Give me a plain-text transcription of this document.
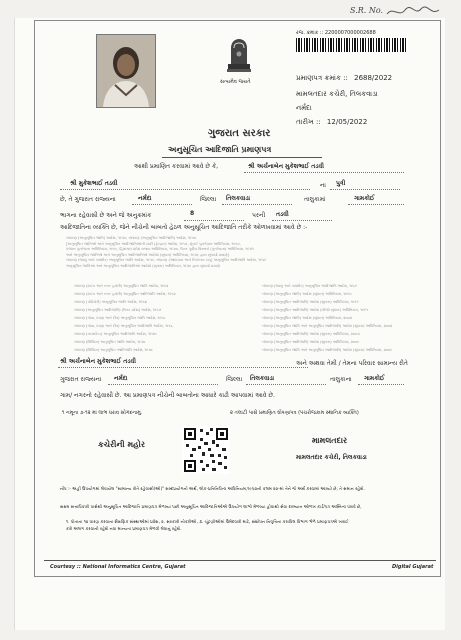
S.R. No.
સત્યમેવ જયતે
રજ. ક્રમાંક :: 2200007000002688
પ્રમાણપત્ર ક્રમાંક :: 2688/2022
મામલતદાર કચેરી, તિલકવાડા
નર્મદા
તારીખ :: 12/05/2022
ગુજરાત સરકાર
અનુસૂચિત આદિજાતિ પ્રમાણપત્ર
આથી પ્રમાણિત કરવામાં આવે છે કે,	શ્રી અર્ચનાબેન મુકેશભાઈ તડવી
શ્રી મુકેશભાઈ તડવી	ના પુત્રી
છે, તે ગુજરાત રાજ્યના	નર્મદા	જિલ્લા તિલકવાડા	તાલુકામાં	ગામકોઈ
ભાગના રહેવાસી છે અને જે અનુક્રમાંક	8	પરની તડવી
આદિજાતિના વ્યક્તિ છે, જેને નીચેની બાબતો હેઠળ અનુસૂચિત આદિજાતિ તરીકે ઓળખવામાં આવે છે :-
બંધારણ (અનુસૂચિત જાતિ) આદેશ, ૧૯૫૦, બંધારણ (અનુસૂચિત આદિજાતિ) આદેશ, ૧૯૫૦
[અનુસૂચિત જાતિઓ અને અનુસૂચિત આદિજાતિઓની યાદી (ફેરફાર) આદેશ, ૧૯૫૬, મુંબઈ પુનર્રચના અધિનિયમ, ૧૯૬૦,
પંજાબ પુનર્રચના અધિનિયમ, ૧૯૬૬, હિમાચલ પ્રદેશ રાજ્ય અધિનિયમ, ૧૯૭૦, ઉત્તર પૂર્વીય વિસ્તારો (પુનર્રચના) અધિનિયમ, ૧૯૭૧
અને અનુસૂચિત જાતિઓ અને અનુસૂચિત આદિજાતિઓ આદેશો (સુધારા) અધિનિયમ, ૧૯૭૬ દ્વારા સુધાર્યા પ્રમાણે]
બંધારણ (જમ્મુ અને કાશ્મીર) અનુસૂચિત જાતિ આદેશ, ૧૯૫૬, બંધારણ (આંદામાન અને નિકોબાર ટાપુ) અનુસૂચિત આદિજાતિ આદેશ, ૧૯૫૯
અનુસૂચિત જાતિઓ અને અનુસૂચિત આદિજાતિઓ આદેશો (સુધારા) અધિનિયમ, ૧૯૭૬ દ્વારા સુધાર્યા પ્રમાણે
બંધારણ (દાદરા અને નગર હવેલી) અનુસૂચિત જાતિ આદેશ, ૧૯૬૨
બંધારણ (દાદરા અને નગર હવેલી) અનુસૂચિત આદિજાતિ આદેશ, ૧૯૬૨
બંધારણ (પોંડિચેરી) અનુસૂચિત જાતિ આદેશ, ૧૯૬૪
બંધારણ (અનુસૂચિત આદિજાતિ) (ઉત્તર પ્રદેશ) આદેશ, ૧૯૬૭
બંધારણ (ગોવા, દમણ અને દીવ) અનુસૂચિત જાતિ આદેશ, ૧૯૬૮
બંધારણ (ગોવા, દમણ અને દીવ) અનુસૂચિત આદિજાતિ આદેશ, ૧૯૬૮
બંધારણ (નાગાલેન્ડ) અનુસૂચિત આદિજાતિ આદેશ, ૧૯૭૦
બંધારણ (સિક્કિમ) અનુસૂચિત જાતિ આદેશ, ૧૯૭૮
બંધારણ (સિક્કિમ) અનુસૂચિત આદિજાતિ આદેશ, ૧૯૭૮
બંધારણ (જમ્મુ અને કાશ્મીર) અનુસૂચિત આદિજાતિ આદેશ, ૧૯૮૯
બંધારણ (અનુસૂચિત જાતિ) આદેશ (સુધારા) અધિનિયમ, ૧૯૯૦
બંધારણ (અનુસૂચિત આદિજાતિ) આદેશ (સુધારા) અધિનિયમ, ૧૯૯૧
બંધારણ (અનુસૂચિત આદિજાતિ) આદેશ (બીજો સુધારા) અધિનિયમ, ૧૯૯૧
બંધારણ (અનુસૂચિત જાતિ) આદેશ (સુધારા) અધિનિયમ, ૨૦૦૨
બંધારણ (અનુસૂચિત જાતિ અને અનુસૂચિત આદિજાતિ) આદેશ (સુધારા) અધિનિયમ, ૨૦૦૨
બંધારણ (અનુસૂચિત આદિજાતિ) આદેશ (સુધારા) અધિનિયમ, ૨૦૦૩
બંધારણ (અનુસૂચિત આદિજાતિ) આદેશ (સુધારા) અધિનિયમ, ૨૦૦૬
બંધારણ (અનુસૂચિત જાતિ અને અનુસૂચિત આદિજાતિ) આદેશ (સુધારા) અધિનિયમ, ૨૦૦૬
શ્રી અર્ચનાબેન મુકેશભાઈ તડવી	અને અથવા તેમી / તેમના પરિવાર સામાન્ય રીતે
ગુજરાત રાજ્યના નર્મદા	જિલ્લા તિલકવાડા	તાલુકાના ગામકોઈ
ગામ/ નગરનો રહેવાસી છે. આ પ્રમાણપત્ર નીચેની બાબતોના આધારે કાઢી આપવામાં આવે છે.
૧ નમૂના ૭-૧૨ માં લાભ ધરાવ સોગંદનામુ.	૨ તલાટી પાસે પ્રમાણિત ઘોષણાપત્ર (પંચરોજકામ સ્થાનિક વ્યક્તિ)
કચેરીની મહોર	મામલતદાર
મામલતદાર કચેરી, તિલકવાડા
નોંધ :- અહીં ઉપયોગમાં લેવાયેલ "સામાન્ય રીતે રહેવાસી(ઓ)" શબ્દપ્રયોગનો અર્થ, લોક-પ્રતિનિધિત્વ અધિનિયમ,૧૯૫૦ની કલમ ૨૦-માં તેને જે અર્થ કરવામાં આવ્યો છે, તે સમાન રહેશે.
સક્ષમ સત્તાધિકારી પાસેથી અનુસૂચિત આદિજાતિ પ્રમાણપત્ર મેળવ્યા પછી અનુસૂચિત આદિજાતિઓએ ઉપયોગ લાભો મેળવ્યા હોવાથી સેવા દરમ્યાન ઓળખ કાર્ડ/પત્ર અસ્તિત્વ ધરાવે છે,
૧. પોતાના ૧૦ ધારણ કરવાના શૈક્ષણિક સંસ્થાઓમાં પ્રવેશ, ૨. સરકારી નોકરીઓ, ૩. ચૂંટણીઓમાં ઉમેદવારી માટે, સંશોધન નિવૃત્તિના કરાવિલ વિભાગ ભેળે પ્રમાણપત્રએ ખરાઈ
કરો અલગ કરવાની રહેશે નવા માન્યતા પ્રમાણપત્ર મેળવી લેવાનું રહેશે.
Courtesy :: National Informatics Centre, Gujarat	Digital Gujarat
